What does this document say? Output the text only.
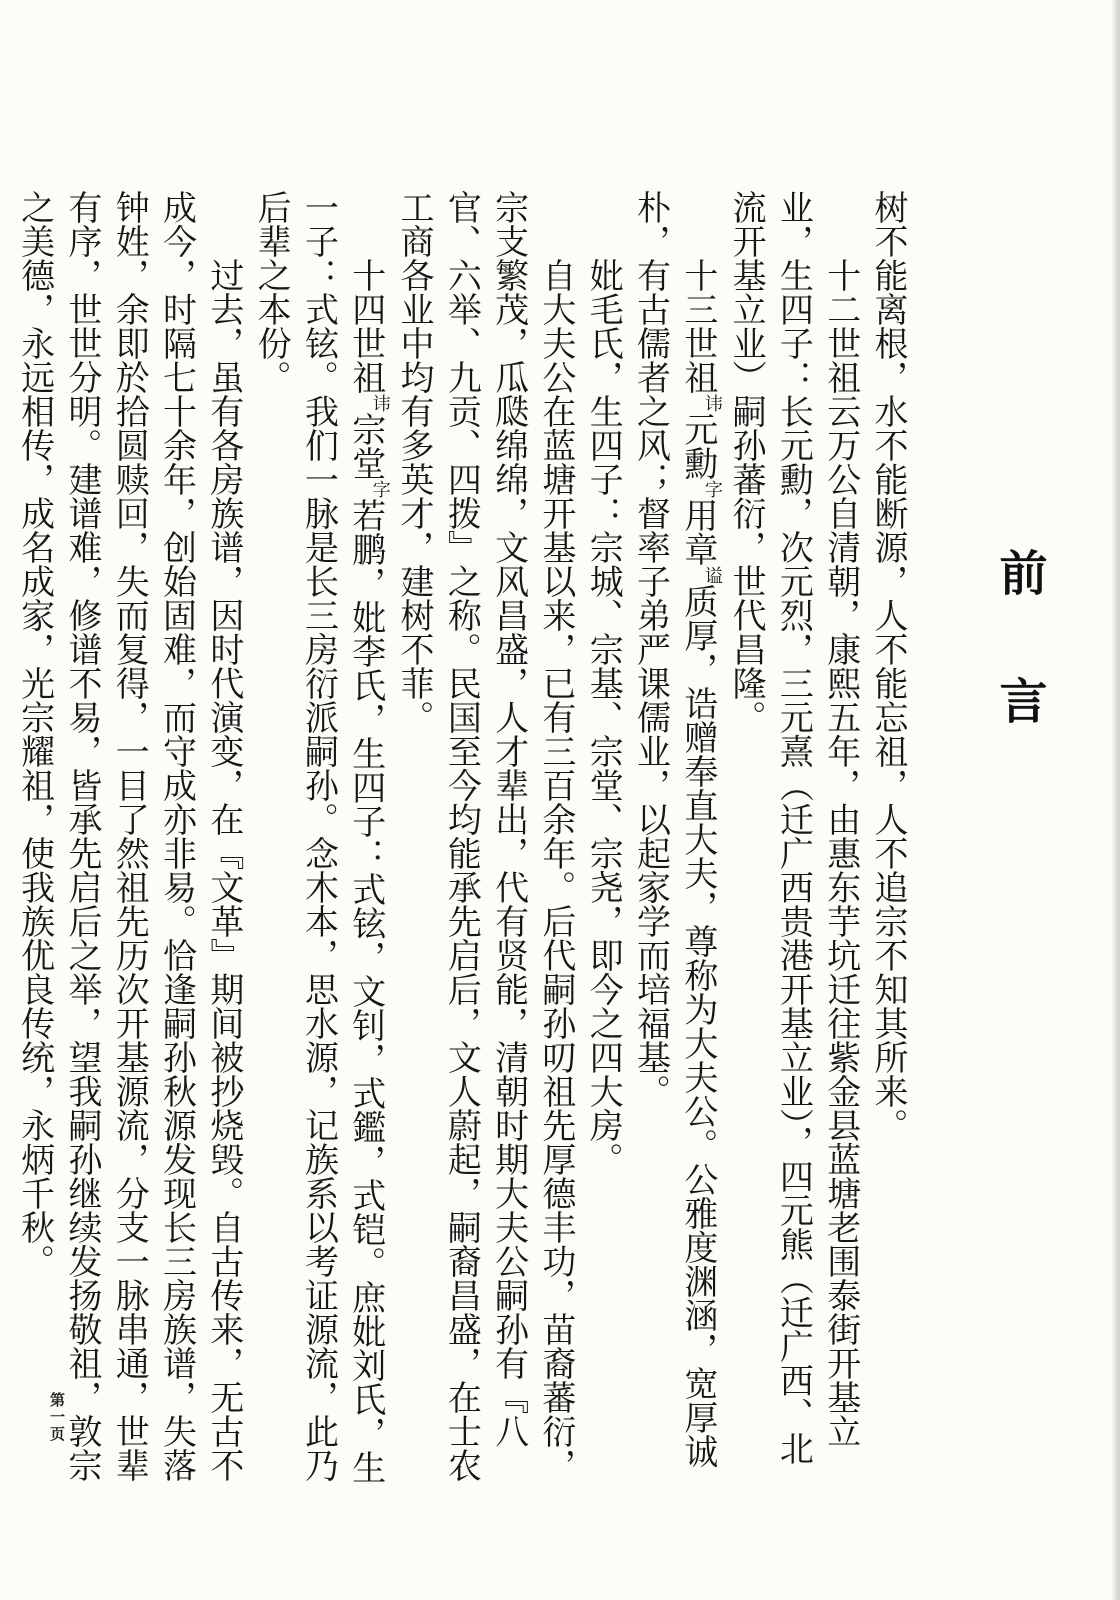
前言

树不能离根，水不能断源，人不能忘祖，人不追宗不知其所来。

十二世祖云万公自清朝，康熙五年，由惠东芋坑迁往紫金县蓝塘老围泰街开基立业，生四子：长元勳，次元烈，三元熹（迁广西贵港开基立业），四元熊（迁广西、北流开基立业）嗣孙蕃衍，世代昌隆。

十三世祖讳元勳字用章谥质厚，诰赠奉直大夫，尊称为大夫公。公雅度渊涵，宽厚诚朴，有古儒者之风；督率子弟严课儒业，以起家学而培福基。

妣毛氏，生四子：宗城、宗基、宗堂、宗尧，即今之四大房。

自大夫公在蓝塘开基以来，已有三百余年。后代嗣孙叨祖先厚德丰功，苗裔蕃衍，宗支繁茂，瓜瓞绵绵，文风昌盛，人才辈出，代有贤能，清朝时期大夫公嗣孙有『八官、六举、九贡、四拨』之称。民国至今均能承先启后，文人蔚起，嗣裔昌盛，在士农工商各业中均有多英才，建树不菲。

十四世祖讳宗堂字若鹏，妣李氏，生四子：式铉，文钊，式鑑，式铠。庶妣刘氏，生一子：式铉。我们一脉是长三房衍派嗣孙。念木本，思水源，记族系以考证源流，此乃后辈之本份。

过去，虽有各房族谱，因时代演变，在『文革』期间被抄烧毁。自古传来，无古不成今，时隔七十余年，创始固难，而守成亦非易。恰逢嗣孙秋源发现长三房族谱，失落钟姓，余即於拾圆赎回，失而复得，一目了然祖先历次开基源流，分支一脉串通，世辈有序，世世分明。建谱难，修谱不易，皆承先启后之举，望我嗣孙继续发扬敬祖，敦宗之美德，永远相传，成名成家，光宗耀祖，使我族优良传统，永炳千秋。

第一页
